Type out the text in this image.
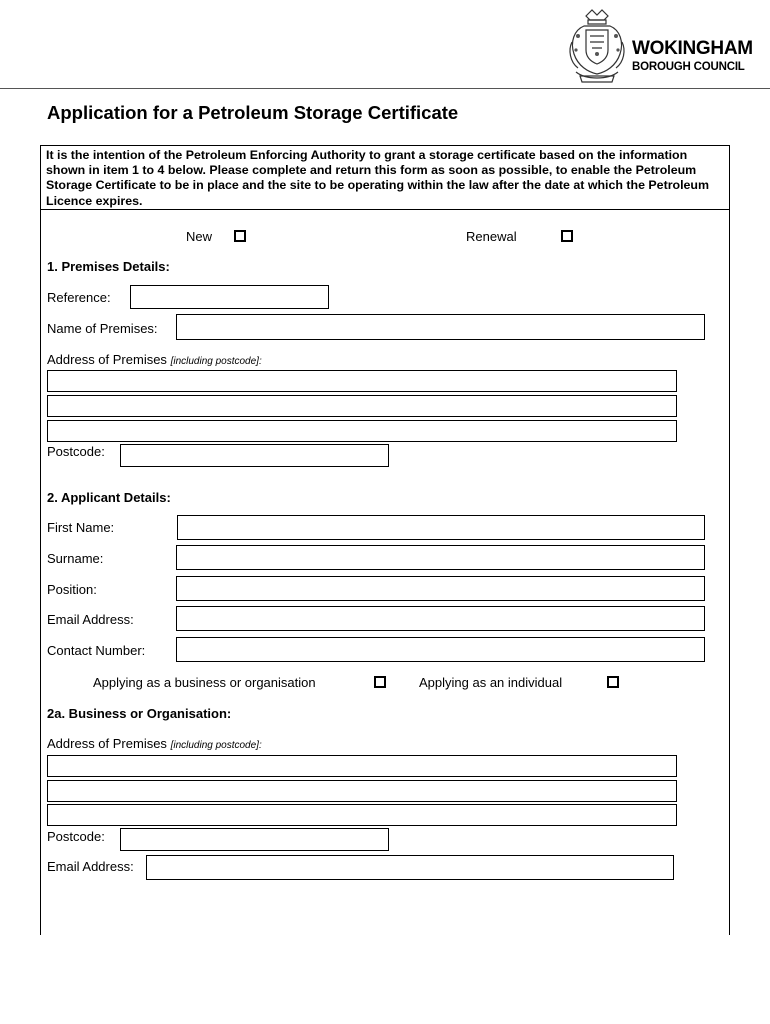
WOKINGHAM
BOROUGH COUNCIL
Application for a Petroleum Storage Certificate
It is the intention of the Petroleum Enforcing Authority to grant a storage certificate based on the information shown in item 1 to 4 below. Please complete and return this form as soon as possible, to enable the Petroleum Storage Certificate to be in place and the site to be operating within the law after the date at which the Petroleum Licence expires.
New	Renewal
1. Premises Details:
Reference:
Name of Premises:
Address of Premises [including postcode]:
Postcode:
2. Applicant Details:
First Name:
Surname:
Position:
Email Address:
Contact Number:
Applying as a business or organisation	Applying as an individual
2a. Business or Organisation:
Address of Premises [including postcode]:
Postcode:
Email Address:
